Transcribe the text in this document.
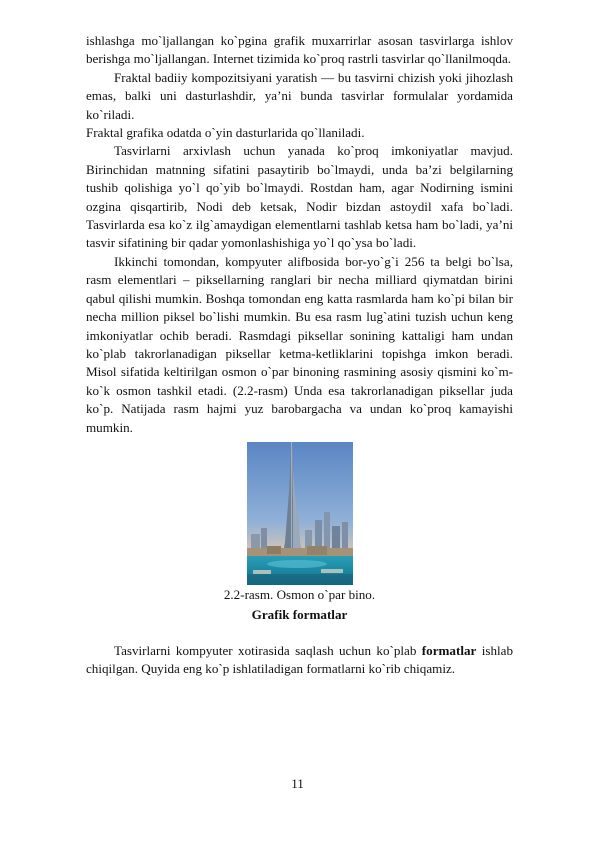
ishlashga mo`ljallangan ko`pgina grafik muxarrirlar asosan tasvirlarga ishlov berishga mo`ljallangan. Internet tizimida ko`proq rastrli tasvirlar qo`llanilmoqda.

Fraktal badiiy kompozitsiyani yaratish — bu tasvirni chizish yoki jihozlash emas, balki uni dasturlashdir, ya’ni bunda tasvirlar formulalar yordamida ko`riladi.

Fraktal grafika odatda o`yin dasturlarida qo`llaniladi.

Tasvirlarni arxivlash uchun yanada ko`proq imkoniyatlar mavjud. Birinchidan matnning sifatini pasaytirib bo`lmaydi, unda ba’zi belgilarning tushib qolishiga yo`l qo`yib bo`lmaydi. Rostdan ham, agar Nodirning ismini ozgina qisqartirib, Nodi deb ketsak, Nodir bizdan astoydil xafa bo`ladi. Tasvirlarda esa ko`z ilg`amaydigan elementlarni tashlab ketsa ham bo`ladi, ya’ni tasvir sifatining bir qadar yomonlashishiga yo`l qo`ysa bo`ladi.

Ikkinchi tomondan, kompyuter alifbosida bor-yo`g`i 256 ta belgi bo`lsa, rasm elementlari – piksellarning ranglari bir necha milliard qiymatdan birini qabul qilishi mumkin. Boshqa tomondan eng katta rasmlarda ham ko`pi bilan bir necha million piksel bo`lishi mumkin. Bu esa rasm lug`atini tuzish uchun keng imkoniyatlar ochib beradi. Rasmdagi piksellar sonining kattaligi ham undan ko`plab takrorlanadigan piksellar ketma-ketliklarini topishga imkon beradi. Misol sifatida keltirilgan osmon o`par binoning rasmining asosiy qismini ko`m-ko`k osmon tashkil etadi. (2.2-rasm) Unda esa takrorlanadigan piksellar juda ko`p. Natijada rasm hajmi yuz barobargacha va undan ko`proq kamayishi mumkin.

2.2-rasm. Osmon o`par bino.

Grafik formatlar

Tasvirlarni kompyuter xotirasida saqlash uchun ko`plab formatlar ishlab chiqilgan. Quyida eng ko`p ishlatiladigan formatlarni ko`rib chiqamiz.

11
